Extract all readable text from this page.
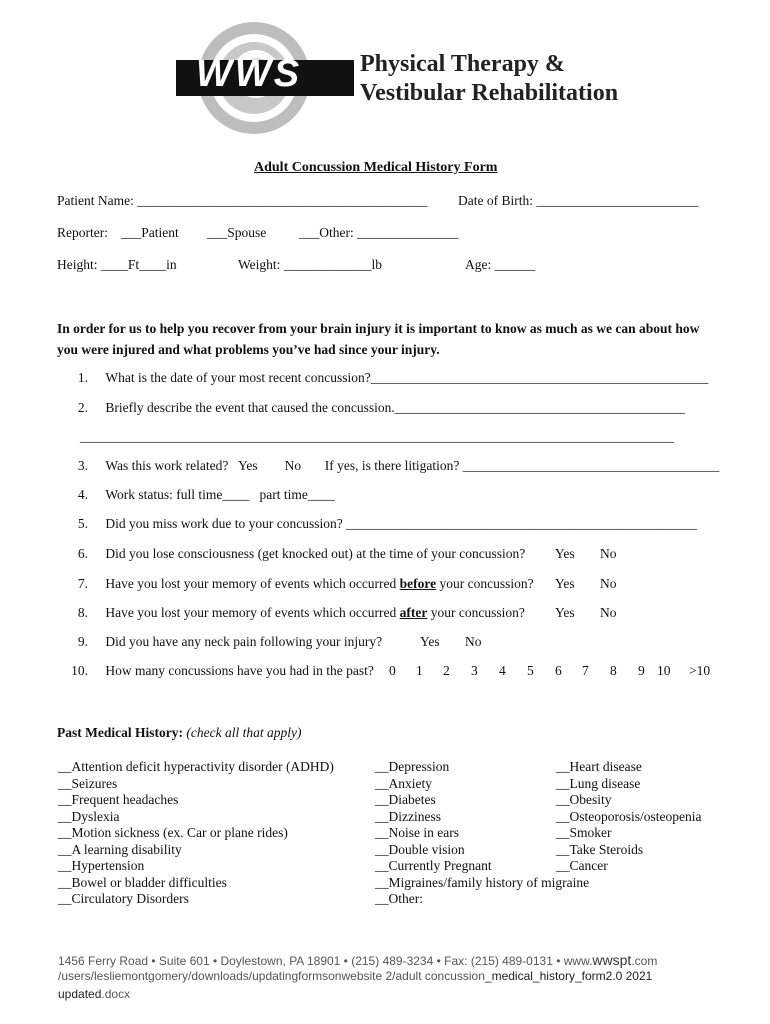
WWS Physical Therapy &
Vestibular Rehabilitation
Adult Concussion Medical History Form
Patient Name: ___________________________________________ Date of Birth: ________________________
Reporter: ___Patient ___Spouse ___Other: _______________
Height: ____Ft____in	Weight: _____________lb	Age: ______
In order for us to help you recover from your brain injury it is important to know as much as we can about how you were injured and what problems you’ve had since your injury.
1. What is the date of your most recent concussion?__________________________________________________
2. Briefly describe the event that caused the concussion.___________________________________________
________________________________________________________________________________________
3. Was this work related?   Yes        No       If yes, is there litigation? ______________________________________
4. Work status: full time____   part time____
5. Did you miss work due to your concussion? ____________________________________________________
6. Did you lose consciousness (get knocked out) at the time of your concussion? Yes No
7. Have you lost your memory of events which occurred before your concussion? Yes No
8. Have you lost your memory of events which occurred after your concussion? Yes No
9. Did you have any neck pain following your injury?	Yes No
10. How many concussions have you had in the past? 0 1 2 3 4 5 6 7 8 9 10 >10
Past Medical History: (check all that apply)
__Attention deficit hyperactivity disorder (ADHD)
__Seizures
__Frequent headaches
__Dyslexia
__Motion sickness (ex. Car or plane rides)
__A learning disability
__Hypertension
__Bowel or bladder difficulties
__Circulatory Disorders
__Depression
__Anxiety
__Diabetes
__Dizziness
__Noise in ears
__Double vision
__Currently Pregnant
__Migraines/family history of migraine
__Other:
__Heart disease
__Lung disease
__Obesity
__Osteoporosis/osteopenia
__Smoker
__Take Steroids
__Cancer
1456 Ferry Road • Suite 601 • Doylestown, PA 18901 • (215) 489-3234 • Fax: (215) 489-0131 • www.wwspt.com
/users/lesliemontgomery/downloads/updatingformsonwebsite 2/adult concussion_medical_history_form2.0 2021
updated.docx
